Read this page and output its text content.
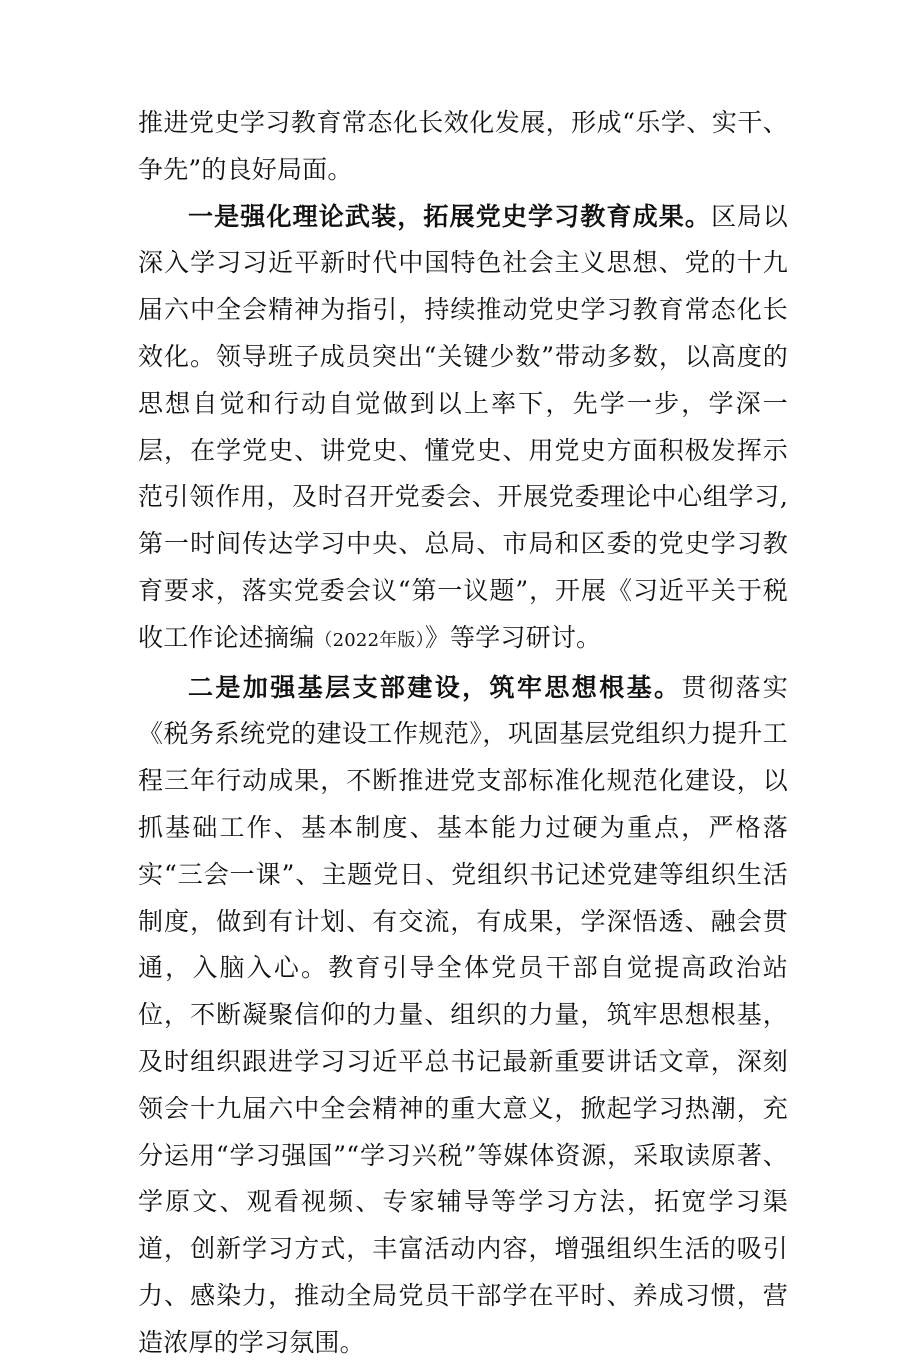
推进党史学习教育常态化长效化发展，形成“乐学、实干、争先”的良好局面。

一是强化理论武装，拓展党史学习教育成果。区局以深入学习习近平新时代中国特色社会主义思想、党的十九届六中全会精神为指引，持续推动党史学习教育常态化长效化。领导班子成员突出“关键少数”带动多数，以高度的思想自觉和行动自觉做到以上率下，先学一步，学深一层，在学党史、讲党史、懂党史、用党史方面积极发挥示范引领作用，及时召开党委会、开展党委理论中心组学习,第一时间传达学习中央、总局、市局和区委的党史学习教育要求，落实党委会议“第一议题”，开展《习近平关于税收工作论述摘编（2022年版）》等学习研讨。

二是加强基层支部建设，筑牢思想根基。贯彻落实《税务系统党的建设工作规范》，巩固基层党组织力提升工程三年行动成果，不断推进党支部标准化规范化建设，以抓基础工作、基本制度、基本能力过硬为重点，严格落实“三会一课”、主题党日、党组织书记述党建等组织生活制度，做到有计划、有交流，有成果，学深悟透、融会贯通，入脑入心。教育引导全体党员干部自觉提高政治站位，不断凝聚信仰的力量、组织的力量，筑牢思想根基，及时组织跟进学习习近平总书记最新重要讲话文章，深刻领会十九届六中全会精神的重大意义，掀起学习热潮，充分运用“学习强国”“学习兴税”等媒体资源，采取读原著、学原文、观看视频、专家辅导等学习方法，拓宽学习渠道，创新学习方式，丰富活动内容，增强组织生活的吸引力、感染力，推动全局党员干部学在平时、养成习惯，营造浓厚的学习氛围。
